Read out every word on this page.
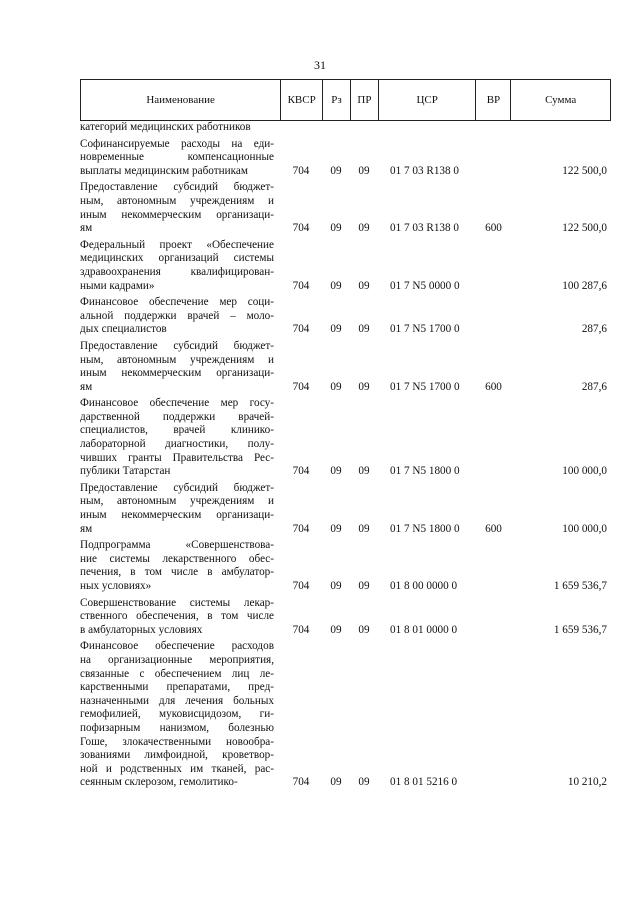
31
Наименование	КВСР	Рз	ПР	ЦСР	ВР	Сумма
категорий медицинских работников
Софинансируемые расходы на еди-
новременные компенсационные
выплаты медицинским работникам	704	09	09	01 7 03 R138 0	122 500,0
Предоставление субсидий бюджет-
ным, автономным учреждениям и
иным некоммерческим организаци-
ям	704	09	09	01 7 03 R138 0	600	122 500,0
Федеральный проект «Обеспечение
медицинских организаций системы
здравоохранения квалифицирован-
ными кадрами»	704	09	09	01 7 N5 0000 0	100 287,6
Финансовое обеспечение мер соци-
альной поддержки врачей – моло-
дых специалистов	704	09	09	01 7 N5 1700 0	287,6
Предоставление субсидий бюджет-
ным, автономным учреждениям и
иным некоммерческим организаци-
ям	704	09	09	01 7 N5 1700 0	600	287,6
Финансовое обеспечение мер госу-
дарственной поддержки врачей-
специалистов, врачей клинико-
лабораторной диагностики, полу-
чивших гранты Правительства Рес-
публики Татарстан	704	09	09	01 7 N5 1800 0	100 000,0
Предоставление субсидий бюджет-
ным, автономным учреждениям и
иным некоммерческим организаци-
ям	704	09	09	01 7 N5 1800 0	600	100 000,0
Подпрограмма «Совершенствова-
ние системы лекарственного обес-
печения, в том числе в амбулатор-
ных условиях»	704	09	09	01 8 00 0000 0	1 659 536,7
Совершенствование системы лекар-
ственного обеспечения, в том числе
в амбулаторных условиях	704	09	09	01 8 01 0000 0	1 659 536,7
Финансовое обеспечение расходов
на организационные мероприятия,
связанные с обеспечением лиц ле-
карственными препаратами, пред-
назначенными для лечения больных
гемофилией, муковисцидозом, ги-
пофизарным нанизмом, болезнью
Гоше, злокачественными новообра-
зованиями лимфоидной, кроветвор-
ной и родственных им тканей, рас-
сеянным склерозом, гемолитико-	704	09	09	01 8 01 5216 0	10 210,2
